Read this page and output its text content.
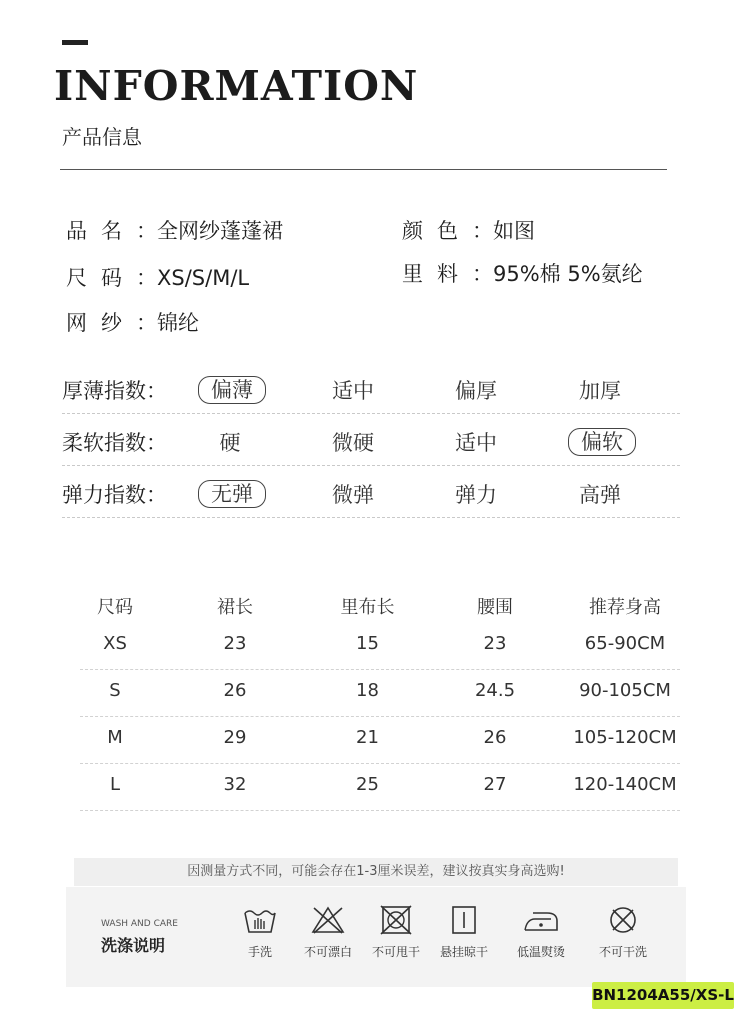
INFORMATION
产品信息
品名：全网纱蓬蓬裙	颜色：如图
尺码：XS/S/M/L	里料：95%棉 5%氨纶
网纱：锦纶
厚薄指数：	偏薄	适中	偏厚	加厚
柔软指数：	硬	微硬	适中	偏软
弹力指数：	无弹	微弹	弹力	高弹
尺码	裙长	里布长	腰围	推荐身高
XS	23	15	23	65-90CM
S	26	18	24.5	90-105CM
M	29	21	26	105-120CM
L	32	25	27	120-140CM
因测量方式不同，可能会存在1-3厘米误差，建议按真实身高选购!
WASH AND CARE
洗涤说明	手洗	不可漂白	不可甩干	悬挂晾干	低温熨烫	不可干洗
BN1204A55/XS-L
